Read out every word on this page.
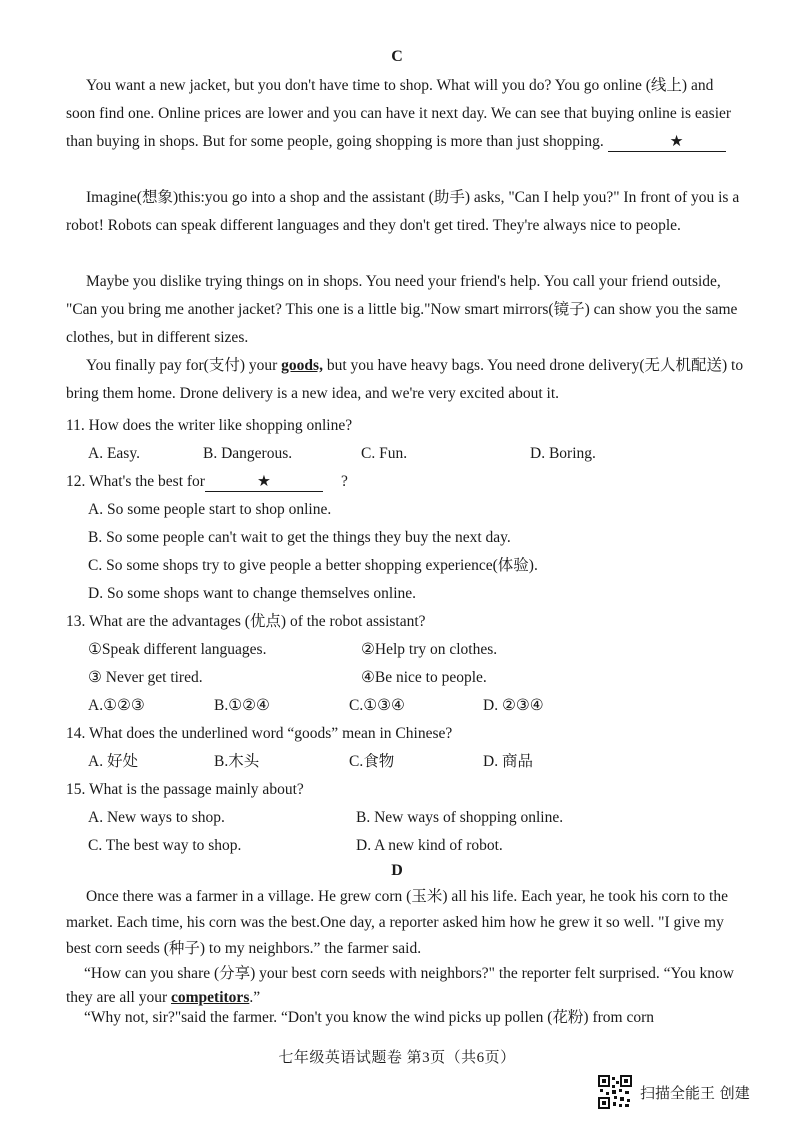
C
You want a new jacket, but you don't have time to shop. What will you do? You go online (线上) and soon find one. Online prices are lower and you can have it next day. We can see that buying online is easier than buying in shops. But for some people, going shopping is more than just shopping.	★
Imagine(想象)this:you go into a shop and the assistant (助手) asks, "Can I help you?" In front of you is a robot! Robots can speak different languages and they don't get tired. They're always nice to people.
Maybe you dislike trying things on in shops. You need your friend's help. You call your friend outside, "Can you bring me another jacket? This one is a little big."Now smart mirrors(镜子) can show you the same clothes, but in different sizes.
You finally pay for(支付) your goods, but you have heavy bags. You need drone delivery(无人机配送) to bring them home. Drone delivery is a new idea, and we're very excited about it.
11. How does the writer like shopping online?
A. Easy.	B. Dangerous.	C. Fun.	D. Boring.
12. What's the best for	★	?
A. So some people start to shop online.
B. So some people can't wait to get the things they buy the next day.
C. So some shops try to give people a better shopping experience(体验).
D. So some shops want to change themselves online.
13. What are the advantages (优点) of the robot assistant?
①Speak different languages.	②Help try on clothes.
③ Never get tired.	④Be nice to people.
A.①②③	B.①②④	C.①③④	D. ②③④
14. What does the underlined word “goods” mean in Chinese?
A. 好处	B.木头	C.食物	D. 商品
15. What is the passage mainly about?
A. New ways to shop.	B. New ways of shopping online.
C. The best way to shop.	D. A new kind of robot.
D
Once there was a farmer in a village. He grew corn (玉米) all his life. Each year, he took his corn to the market. Each time, his corn was the best.One day, a reporter asked him how he grew it so well. "I give my best corn seeds (种子) to my neighbors.” the farmer said.
“How can you share (分享) your best corn seeds with neighbors?" the reporter felt surprised. “You know they are all your competitors.”
“Why not, sir?"said the farmer. “Don't you know the wind picks up pollen (花粉) from corn
七年级英语试题卷 第3页（共6页）
扫描全能王 创建
